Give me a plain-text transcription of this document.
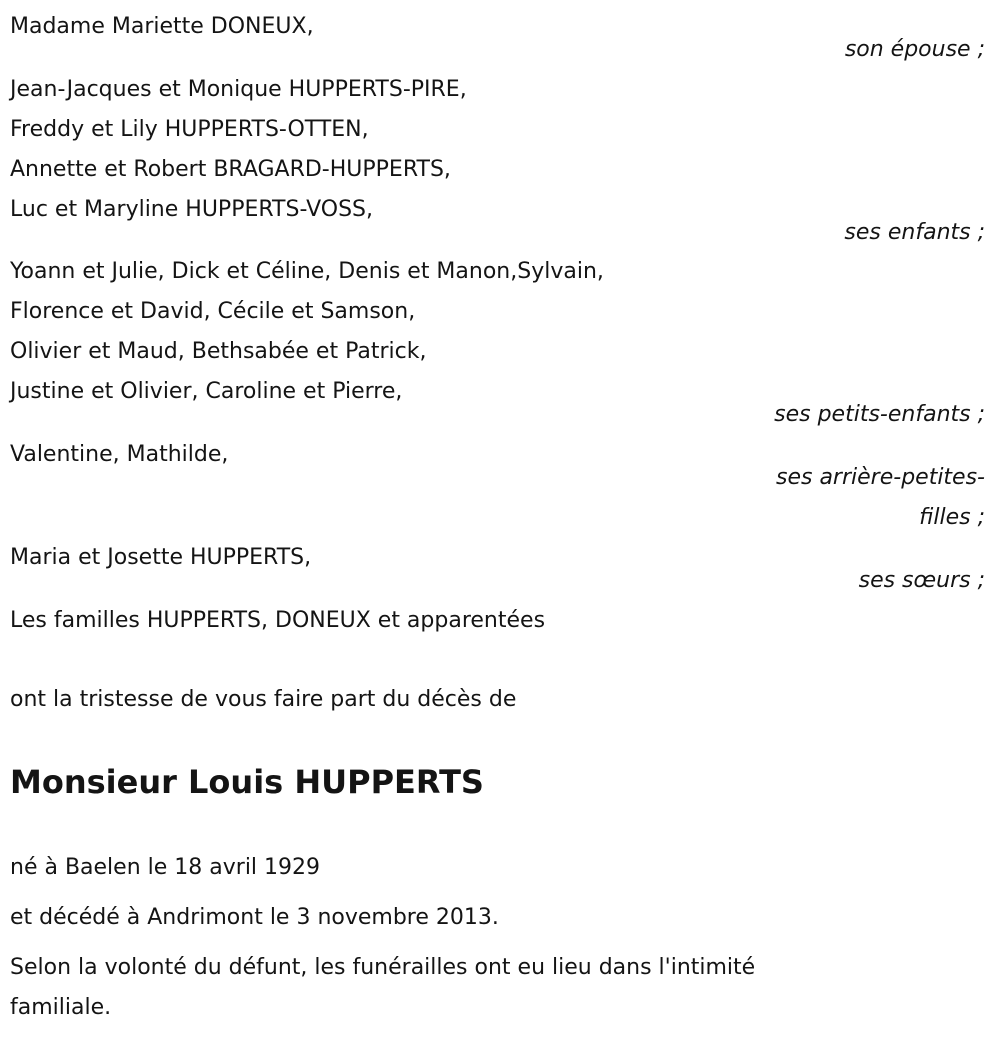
Madame Mariette DONEUX,
son épouse ;
Jean-Jacques et Monique HUPPERTS-PIRE,
Freddy et Lily HUPPERTS-OTTEN,
Annette et Robert BRAGARD-HUPPERTS,
Luc et Maryline HUPPERTS-VOSS,
ses enfants ;
Yoann et Julie, Dick et Céline, Denis et Manon,Sylvain,
Florence et David, Cécile et Samson,
Olivier et Maud, Bethsabée et Patrick,
Justine et Olivier, Caroline et Pierre,
ses petits-enfants ;
Valentine, Mathilde,
ses arrière-petites-
filles ;
Maria et Josette HUPPERTS,
ses sœurs ;
Les familles HUPPERTS, DONEUX et apparentées
ont la tristesse de vous faire part du décès de
Monsieur Louis HUPPERTS
né à Baelen le 18 avril 1929
et décédé à Andrimont le 3 novembre 2013.
Selon la volonté du défunt, les funérailles ont eu lieu dans l'intimité
familiale.
